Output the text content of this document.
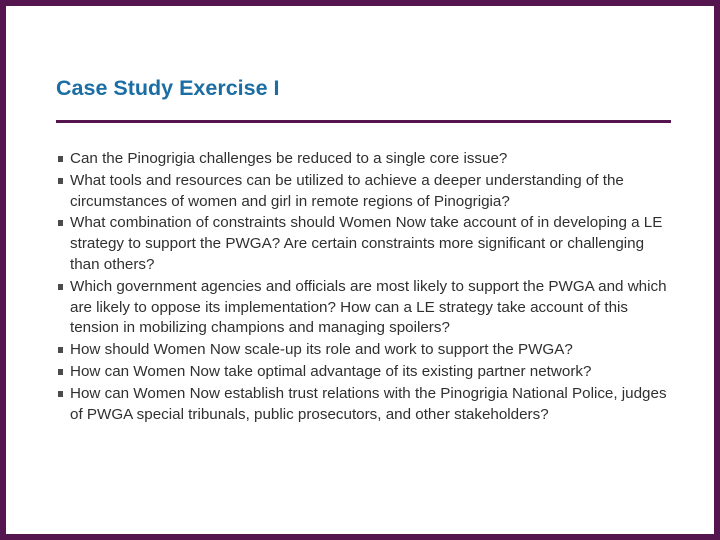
Case Study Exercise I
Can the Pinogrigia challenges be reduced to a single core issue?
What tools and resources can be utilized to achieve a deeper understanding of the circumstances of women and girl in remote regions of Pinogrigia?
What combination of constraints should Women Now take account of in developing a LE strategy to support the PWGA? Are certain constraints more significant or challenging than others?
Which government agencies and officials are most likely to support the PWGA and which are likely to oppose its implementation? How can a LE strategy take account of this tension in mobilizing champions and managing spoilers?
How should Women Now scale-up its role and work to support the PWGA?
How can Women Now take optimal advantage of its existing partner network?
How can Women Now establish trust relations with the Pinogrigia National Police, judges of PWGA special tribunals, public prosecutors, and other stakeholders?
